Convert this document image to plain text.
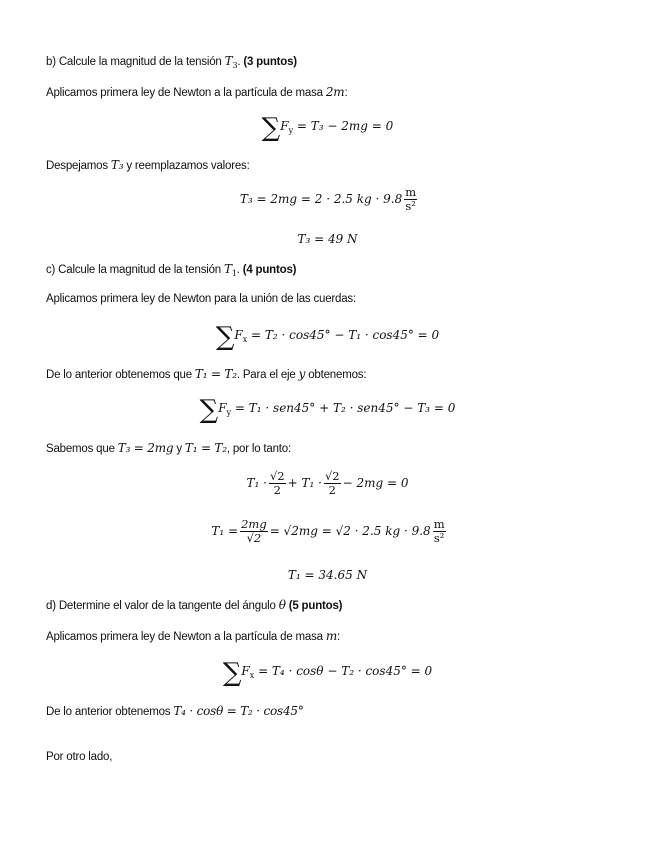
b) Calcule la magnitud de la tensión $T_3$. (3 puntos)
Aplicamos primera ley de Newton a la partícula de masa 2m:
$\sum F_y = T_3 - 2mg = 0$
Despejamos T₃ y reemplazamos valores:
T₃ = 2mg = 2 · 2.5 kg · $9.8 \frac{m}{\text{s²}}$
T₃ = 49 N
c) Calcule la magnitud de la tensión $T_1$. (4 puntos)
Aplicamos primera ley de Newton para la unión de las cuerdas:
$\sum F_x = T_2 \cdot \cos 45^\circ - T_1 \cdot \cos 45^\circ = 0$
De lo anterior obtenemos que T₁ = T₂. Para el eje y obtenemos:
$\sum F_y = T_1 \cdot sen45^\circ + T_2 \cdot sen45^\circ - T_3 = 0$
Sabemos que T₃ = 2mg y T₁ = T₂, por lo tanto:
$T_1 \cdot \frac{√2}{2} + T_1 \cdot \frac{√2}{2} - 2mg = 0$
$T_1 = \frac{2mg}{√2} = √2mg = √2 \cdot 2.5$ kg · $9.8 \frac{m}{\text{s²}}$
T₁ = 34.65 N
d) Determine el valor de la tangente del ángulo θ (5 puntos)
Aplicamos primera ley de Newton a la partícula de masa m:
$\sum F_x = T_4 \cdot \cos\theta - T_2 \cdot \cos 45^\circ = 0$
De lo anterior obtenemos T₄ · cosθ = T₂ · cos45°
Por otro lado,
